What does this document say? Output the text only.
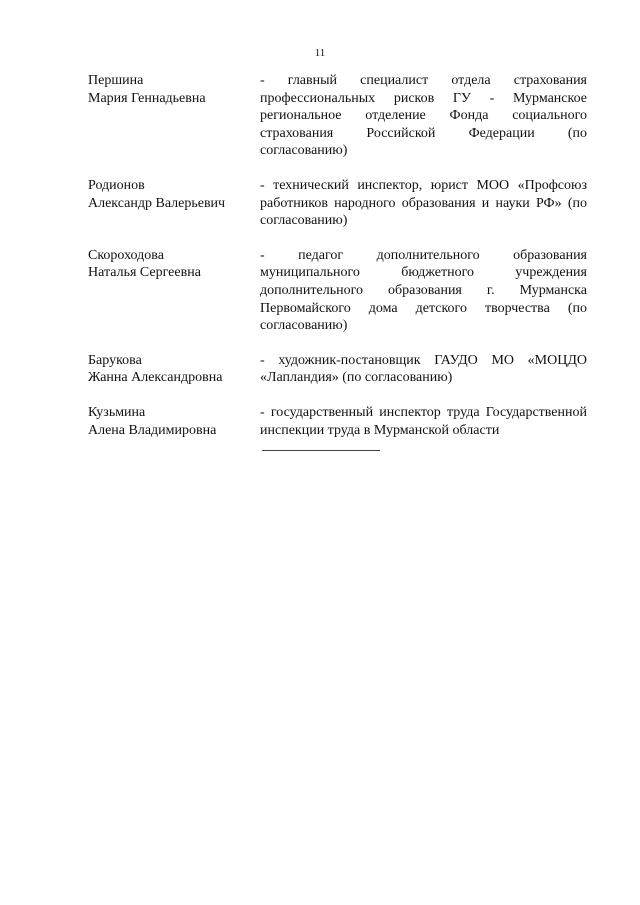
11
Першина
Мария Геннадьевна
- главный специалист отдела страхования профессиональных рисков ГУ - Мурманское региональное отделение Фонда социального страхования Российской Федерации (по согласованию)
Родионов
Александр Валерьевич
- технический инспектор, юрист МОО «Профсоюз работников народного образования и науки РФ» (по согласованию)
Скороходова
Наталья Сергеевна
- педагог дополнительного образования муниципального бюджетного учреждения дополнительного образования г. Мурманска Первомайского дома детского творчества (по согласованию)
Барукова
Жанна Александровна
- художник-постановщик ГАУДО МО «МОЦДО «Лапландия» (по согласованию)
Кузьмина
Алена Владимировна
- государственный инспектор труда Государственной инспекции труда в Мурманской области
